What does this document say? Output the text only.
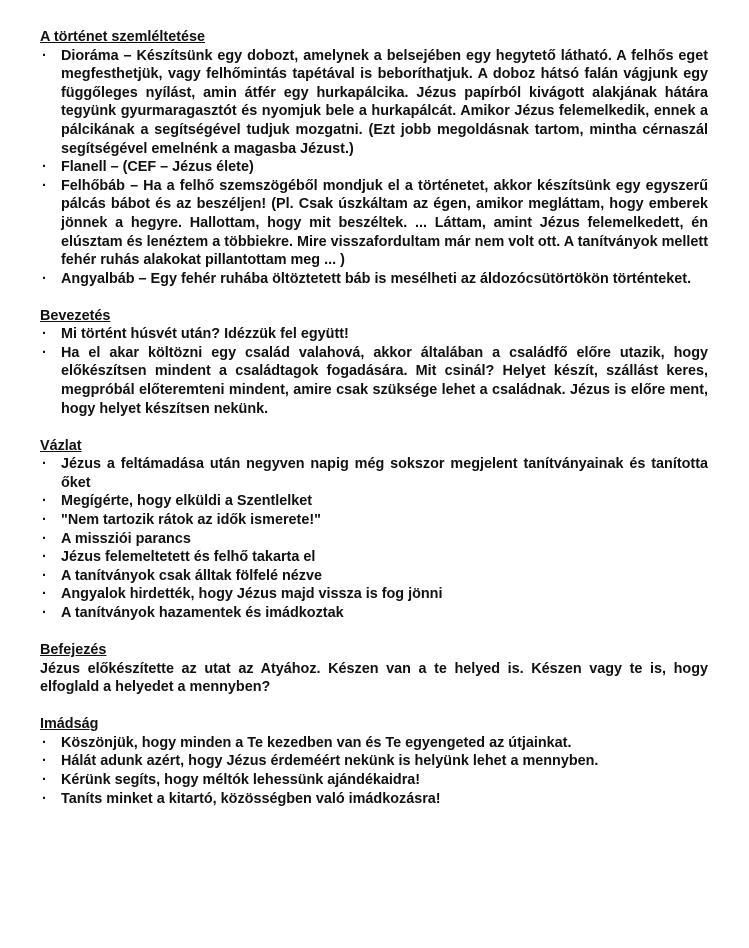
A történet szemléltetése

· Dioráma – Készítsünk egy dobozt, amelynek a belsejében egy hegytető látható. A felhős eget megfesthetjük, vagy felhőmintás tapétával is beboríthatjuk. A doboz hátsó falán vágjunk egy függőleges nyílást, amin átfér egy hurkapálcika. Jézus papírból kivágott alakjának hátára tegyünk gyurmaragasztót és nyomjuk bele a hurkapálcát. Amikor Jézus felemelkedik, ennek a pálcikának a segítségével tudjuk mozgatni. (Ezt jobb megoldásnak tartom, mintha cérnaszál segítségével emelnénk a magasba Jézust.)
· Flanell – (CEF – Jézus élete)
· Felhőbáb – Ha a felhő szemszögéből mondjuk el a történetet, akkor készítsünk egy egyszerű pálcás bábot és az beszéljen! (Pl. Csak úszkáltam az égen, amikor megláttam, hogy emberek jönnek a hegyre. Hallottam, hogy mit beszéltek. ... Láttam, amint Jézus felemelkedett, én elúsztam és lenéztem a többiekre. Mire visszafordultam már nem volt ott. A tanítványok mellett fehér ruhás alakokat pillantottam meg ... )
· Angyalbáb – Egy fehér ruhába öltöztetett báb is mesélheti az áldozócsütörtökön történteket.

Bevezetés

· Mi történt húsvét után? Idézzük fel együtt!
· Ha el akar költözni egy család valahová, akkor általában a családfő előre utazik, hogy előkészítsen mindent a családtagok fogadására. Mit csinál? Helyet készít, szállást keres, megpróbál előteremteni mindent, amire csak szüksége lehet a családnak. Jézus is előre ment, hogy helyet készítsen nekünk.

Vázlat

· Jézus a feltámadása után negyven napig még sokszor megjelent tanítványainak és tanította őket
· Megígérte, hogy elküldi a Szentlelket
· "Nem tartozik rátok az idők ismerete!"
· A missziói parancs
· Jézus felemeltetett és felhő takarta el
· A tanítványok csak álltak fölfelé nézve
· Angyalok hirdették, hogy Jézus majd vissza is fog jönni
· A tanítványok hazamentek és imádkoztak

Befejezés

Jézus előkészítette az utat az Atyához. Készen van a te helyed is. Készen vagy te is, hogy elfoglald a helyedet a mennyben?

Imádság

· Köszönjük, hogy minden a Te kezedben van és Te egyengeted az útjainkat.
· Hálát adunk azért, hogy Jézus érdeméért nekünk is helyünk lehet a mennyben.
· Kérünk segíts, hogy méltók lehessünk ajándékaidra!
· Taníts minket a kitartó, közösségben való imádkozásra!
